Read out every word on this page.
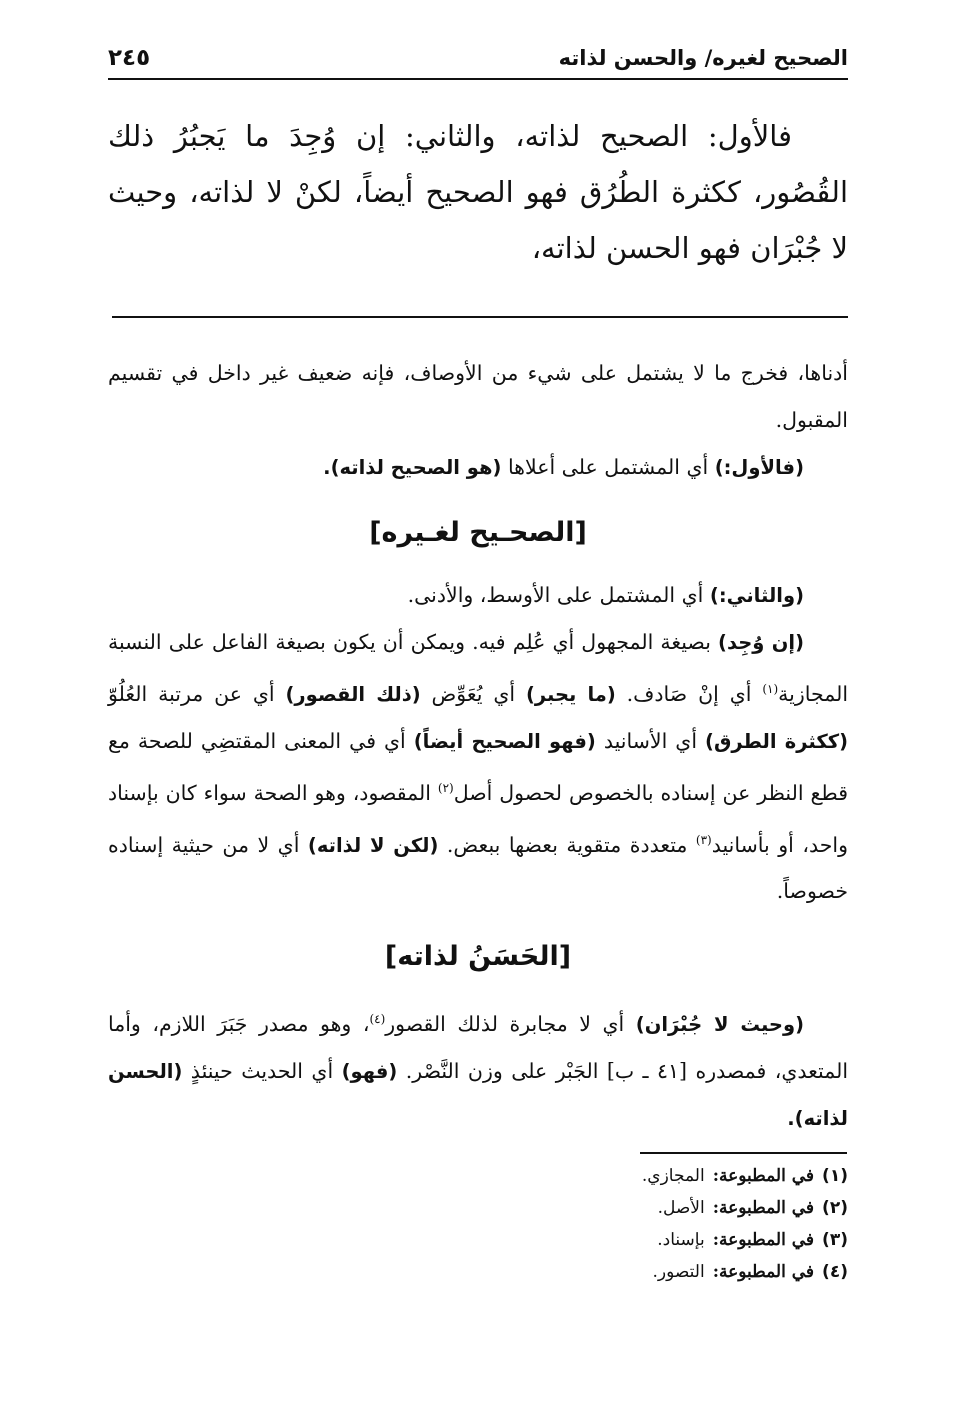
الصحيح لغيره/ والحسن لذاته
٢٤٥
فالأول: الصحيح لذاته، والثاني: إن وُجِدَ ما يَجبُرُ ذلك القُصُور، ككثرة الطُرُق فهو الصحيح أيضاً، لكنْ لا لذاته، وحيث لا جُبْرَان فهو الحسن لذاته،

أدناها، فخرج ما لا يشتمل على شيء من الأوصاف، فإنه ضعيف غير داخل في تقسيم المقبول.

(فالأول:) أي المشتمل على أعلاها (هو الصحيح لذاته).

[الصحـيح لغـيره]

(والثاني:) أي المشتمل على الأوسط، والأدنى.

(إن وُجِد) بصيغة المجهول أي عُلِم فيه. ويمكن أن يكون بصيغة الفاعل على النسبة المجازية$^{(١)}$ أي إنْ صَادف. (ما يجبر) أي يُعَوِّض (ذلك القصور) أي عن مرتبة العُلُوّ (ككثرة الطرق) أي الأسانيد (فهو الصحيح أيضاً) أي في المعنى المقتضِي للصحة مع قطع النظر عن إسناده بالخصوص لحصول أصل$^{(٢)}$ المقصود، وهو الصحة سواء كان بإسناد واحد، أو بأسانيد$^{(٣)}$ متعددة متقوية بعضها ببعض. (لكن لا لذاته) أي لا من حيثية إسناده خصوصاً.

[الحَسَنُ لذاته]

(وحيث لا جُبْرَان) أي لا مجابرة لذلك القصور$^{(٤)}$، وهو مصدر جَبَرَ اللازم، وأما المتعدي، فمصدره [٤١ ـ ب] الجَبْر على وزن النَّصْر. (فهو) أي الحديث حينئذٍ (الحسن لذاته).

(١)
في المطبوعة:
المجازي.
(٢)
في المطبوعة:
الأصل.
(٣)
في المطبوعة:
بإسناد.
(٤)
في المطبوعة:
التصور.
